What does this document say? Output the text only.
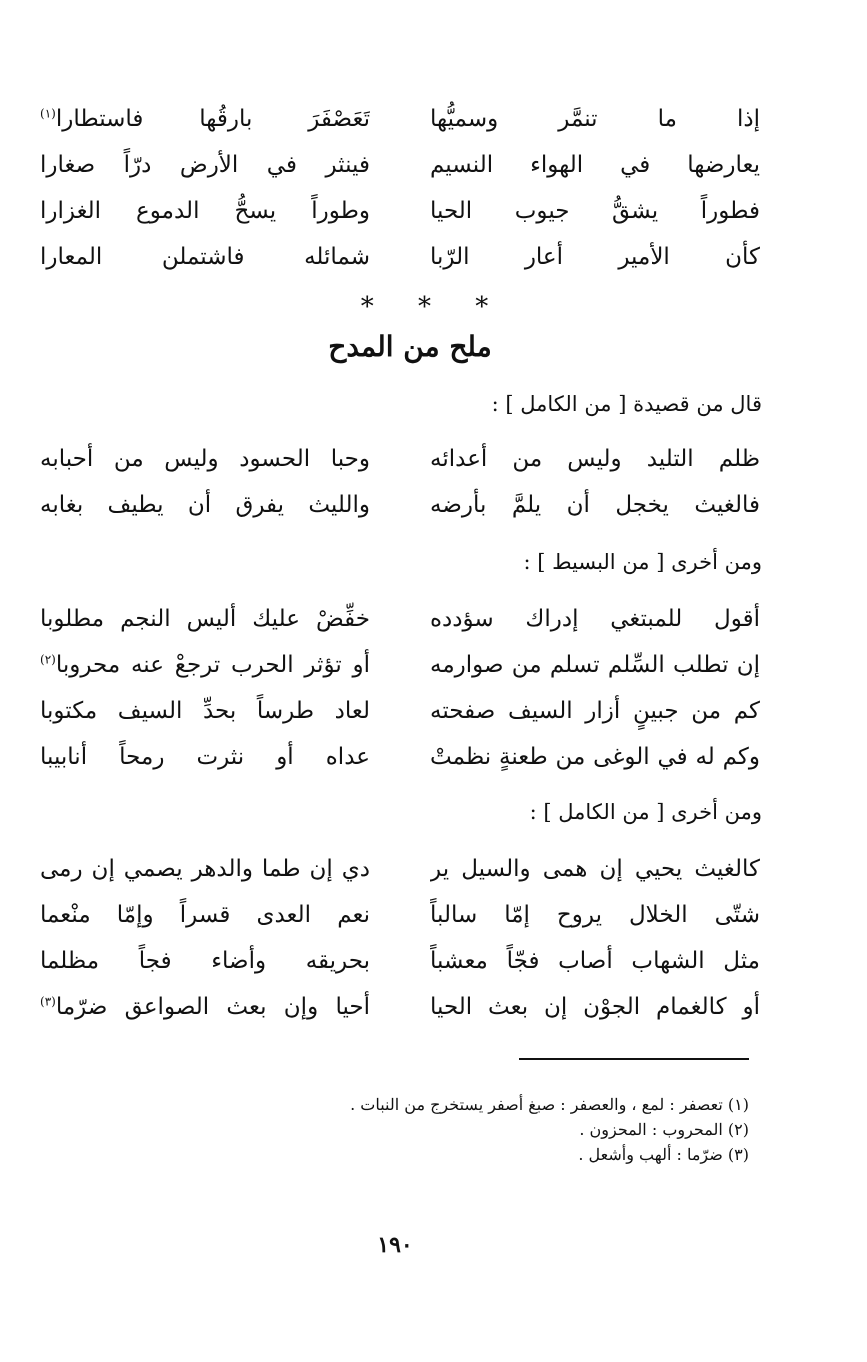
إذا ما تنمَّر وسميُّها
تَعَصْفَرَ بارقُها فاستطارا$^{(١)}$
يعارضها في الهواء النسيم
فينثر في الأرض درّاً صغارا
فطوراً يشقُّ جيوب الحيا
وطوراً يسحُّ الدموع الغزارا
كأن الأمير أعار الرّبا
شمائله فاشتملن المعارا
* * *
ملح من المدح
قال من قصيدة [ من الكامل ] :
ظلم التليد وليس من أعدائه
وحبا الحسود وليس من أحبابه
فالغيث يخجل أن يلمَّ بأرضه
والليث يفرق أن يطيف بغابه
ومن أخرى [ من البسيط ] :
أقول للمبتغي إدراك سؤدده
خفِّضْ عليك أليس النجم مطلوبا
إن تطلب السِّلم تسلم من صوارمه
أو تؤثر الحرب ترجعْ عنه محروبا$^{(٢)}$
كم من جبينٍ أزار السيف صفحته
لعاد طرساً بحدِّ السيف مكتوبا
وكم له في الوغى من طعنةٍ نظمتْ
عداه أو نثرت رمحاً أنابيبا
ومن أخرى [ من الكامل ] :
كالغيث يحيي إن همى والسيل ير
دي إن طما والدهر يصمي إن رمى
شتّى الخلال يروح إمّا سالباً
نعم العدى قسراً وإمّا منْعما
مثل الشهاب أصاب فجّاً معشباً
بحريقه وأضاء فجاً مظلما
أو كالغمام الجوْن إن بعث الحيا
أحيا وإن بعث الصواعق ضرّما$^{(٣)}$
(١) تعصفر : لمع ، والعصفر : صبغ أصفر يستخرج من النبات .
(٢) المحروب : المحزون .
(٣) ضرّما : ألهب وأشعل .
١٩٠
